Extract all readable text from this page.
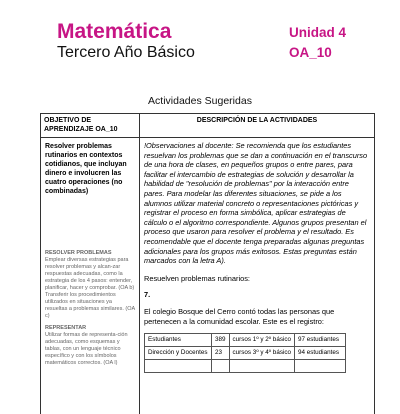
Matemática
Tercero Año Básico
Unidad 4
OA_10
Actividades Sugeridas
OBJETIVO DE APRENDIZAJE OA_10
Resolver problemas rutinarios en contextos cotidianos, que incluyan dinero e involucren las cuatro operaciones (no combinadas)
RESOLVER PROBLEMAS
Emplear diversas estrategias para resolver problemas y alcan-zar respuestas adecuadas, como la estrategia de los 4 pasos: entender, planificar, hacer y comprobar. (OA b) Transferir los procedimientos utilizados en situaciones ya resueltas a problemas similares. (OA c)
REPRESENTAR
Utilizar formas de representa-ción adecuadas, como esquemas y tablas, con un lenguaje técnico específico y con los símbolos matemáticos correctos. (OA l)
DESCRIPCIÓN DE LA ACTIVIDADES
!Observaciones al docente: Se recomienda que los estudiantes resuelvan los problemas que se dan a continuación en el transcurso de una hora de clases, en pequeños grupos o entre pares, para facilitar el intercambio de estrategias de solución y desarrollar la habilidad de "resolución de problemas" por la interacción entre pares. Para modelar las diferentes situaciones, se pide a los alumnos utilizar material concreto o representaciones pictóricas y registrar el proceso en forma simbólica, aplicar estrategias de cálculo o el algoritmo correspondiente. Algunos grupos presentan el proceso que usaron para resolver el problema y el resultado. Es recomendable que el docente tenga preparadas algunas preguntas adicionales para los grupos más exitosos. Estas preguntas están marcados con la letra A).
Resuelven problemas rutinarios:
7.
El colegio Bosque del Cerro contó todas las personas que pertenecen a la comunidad escolar. Este es el registro:
Estudiantes	389	cursos 1º y 2º básico	97 estudiantes
Dirección y Docentes	23	cursos 3º y 4º básico	94 estudiantes
